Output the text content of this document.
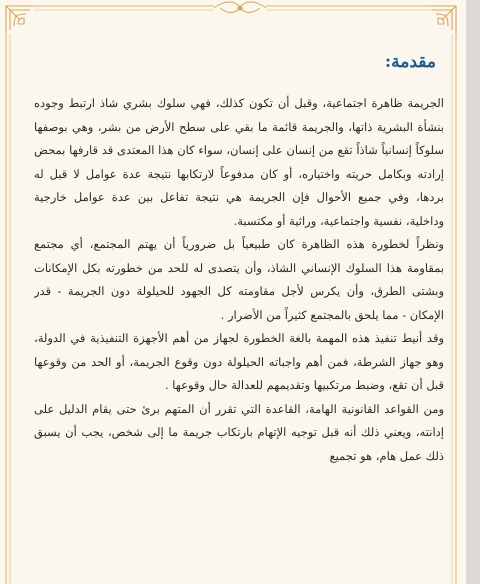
مقدمة:

الجريمة ظاهرة اجتماعية، وقبل أن تكون كذلك، فهي سلوك بشري شاذ ارتبط وجوده بنشأة البشرية ذاتها، والجريمة قائمة ما بقي على سطح الأرض من بشر، وهي بوصفها سلوكاً إنسانياً شاذاً تقع من إنسان على إنسان، سواء كان هذا المعتدى قد قارفها بمحض إرادته وبكامل حريته واختياره، أو كان مدفوعاً لارتكابها نتيجة عدة عوامل لا قبل له بردها، وفي جميع الأحوال فإن الجريمة هي نتيجة تفاعل بين عدة عوامل خارجية وداخلية، نفسية واجتماعية، وراثية أو مكتسبة.

ونظراً لخطورة هذه الظاهرة كان طبيعياً بل ضرورياً أن يهتم المجتمع، أي مجتمع بمقاومة هذا السلوك الإنساني الشاذ، وأن يتصدى له للحد من خطورته بكل الإمكانات وبشتى الطرق، وأن يكرس لأجل مقاومته كل الجهود للحيلولة دون الجريمة - قدر الإمكان - مما يلحق بالمجتمع كثيراً من الأضرار .

وقد أنيط تنفيذ هذه المهمة بالغة الخطورة لجهاز من أهم الأجهزة التنفيذية في الدولة، وهو جهاز الشرطة، فمن أهم واجباته الحيلولة دون وقوع الجريمة، أو الحد من وقوعها قبل أن تقع، وضبط مرتكبيها وتقديمهم للعدالة حال وقوعها .

ومن القواعد القانونية الهامة، القاعدة التي تقرر أن المتهم برئ حتى يقام الدليل على إدانته، ويعني ذلك أنه قبل توجيه الإتهام بارتكاب جريمة ما إلى شخص، يجب أن يسبق ذلك عمل هام، هو تجميع
